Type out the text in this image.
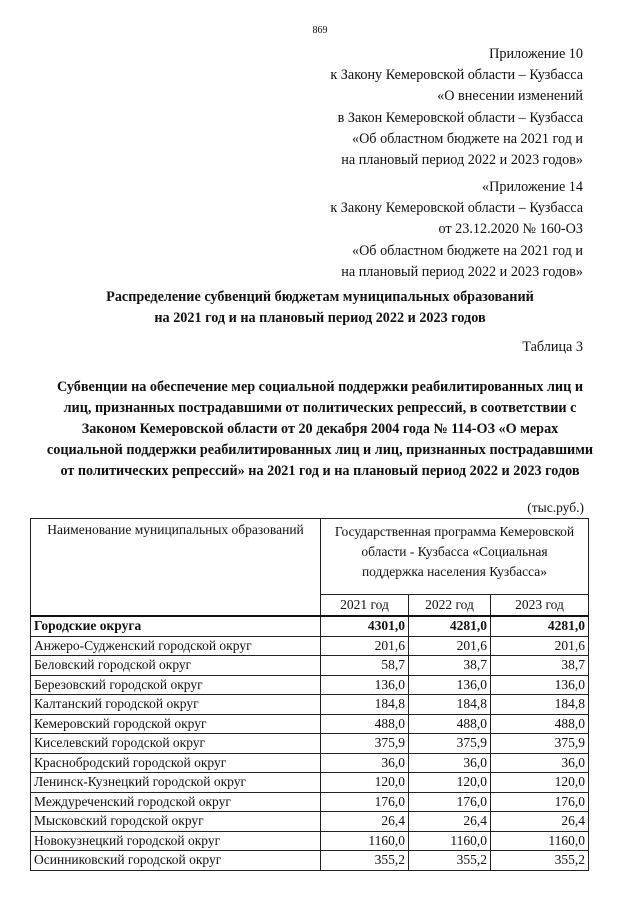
869
Приложение 10
к Закону Кемеровской области – Кузбасса
«О внесении изменений
в Закон Кемеровской области – Кузбасса
«Об областном бюджете на 2021 год и
на плановый период 2022 и 2023 годов»
«Приложение 14
к Закону Кемеровской области – Кузбасса
от 23.12.2020 № 160-ОЗ
«Об областном бюджете на 2021 год и
на плановый период 2022 и 2023 годов»
Распределение субвенций бюджетам муниципальных образований
на 2021 год и на плановый период 2022 и 2023 годов
Таблица 3
Субвенции на обеспечение мер социальной поддержки реабилитированных лиц и
лиц, признанных пострадавшими от политических репрессий, в соответствии с
Законом Кемеровской области от 20 декабря 2004 года № 114-ОЗ «О мерах
социальной поддержки реабилитированных лиц и лиц, признанных пострадавшими
от политических репрессий» на 2021 год и на плановый период 2022 и 2023 годов
(тыс.руб.)
Наименование муниципальных образований	Государственная программа Кемеровской
области - Кузбасса «Социальная
поддержка населения Кузбасса»		

	2021 год	2022 год	2023 год
Городские округа	4301,0	4281,0	4281,0
Анжеро-Судженский городской округ	201,6	201,6	201,6
Беловский городской округ	58,7	38,7	38,7
Березовский городской округ	136,0	136,0	136,0
Калтанский городской округ	184,8	184,8	184,8
Кемеровский городской округ	488,0	488,0	488,0
Киселевский городской округ	375,9	375,9	375,9
Краснобродский городской округ	36,0	36,0	36,0
Ленинск-Кузнецкий городской округ	120,0	120,0	120,0
Междуреченский городской округ	176,0	176,0	176,0
Мысковский городской округ	26,4	26,4	26,4
Новокузнецкий городской округ	1160,0	1160,0	1160,0
Осинниковский городской округ	355,2	355,2	355,2
